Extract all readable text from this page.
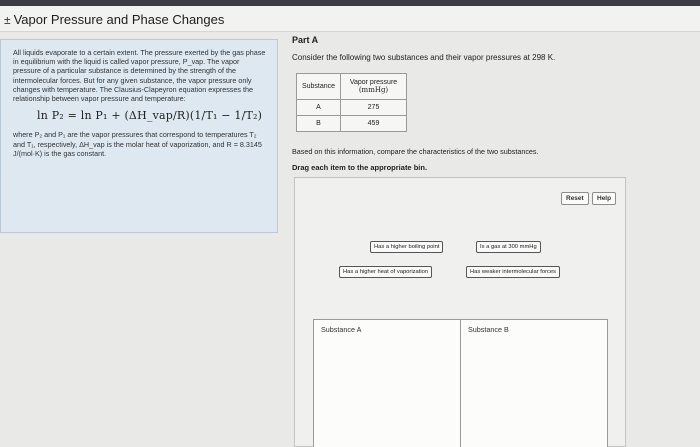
± Vapor Pressure and Phase Changes

All liquids evaporate to a certain extent. The pressure exerted by the gas phase in equilibrium with the liquid is called vapor pressure, P_vap. The vapor pressure of a particular substance is determined by the strength of the intermolecular forces. But for any given substance, the vapor pressure only changes with temperature. The Clausius-Clapeyron equation expresses the relationship between vapor pressure and temperature:

ln P₂ = ln P₁ + (ΔH_vap/R)(1/T₁ − 1/T₂)

where P₂ and P₁ are the vapor pressures that correspond to temperatures T₂ and T₁, respectively, ΔH_vap is the molar heat of vaporization, and R = 8.3145 J/(mol·K) is the gas constant.

Part A
Consider the following two substances and their vapor pressures at 298 K.
Substance	Vapor pressure
(mmHg)
A	275
B	459
Based on this information, compare the characteristics of the two substances.
Drag each item to the appropriate bin.
Reset	Help
Has a higher boiling point	Is a gas at 300 mmHg
Has a higher heat of vaporization	Has weaker intermolecular forces
Substance A	Substance B
